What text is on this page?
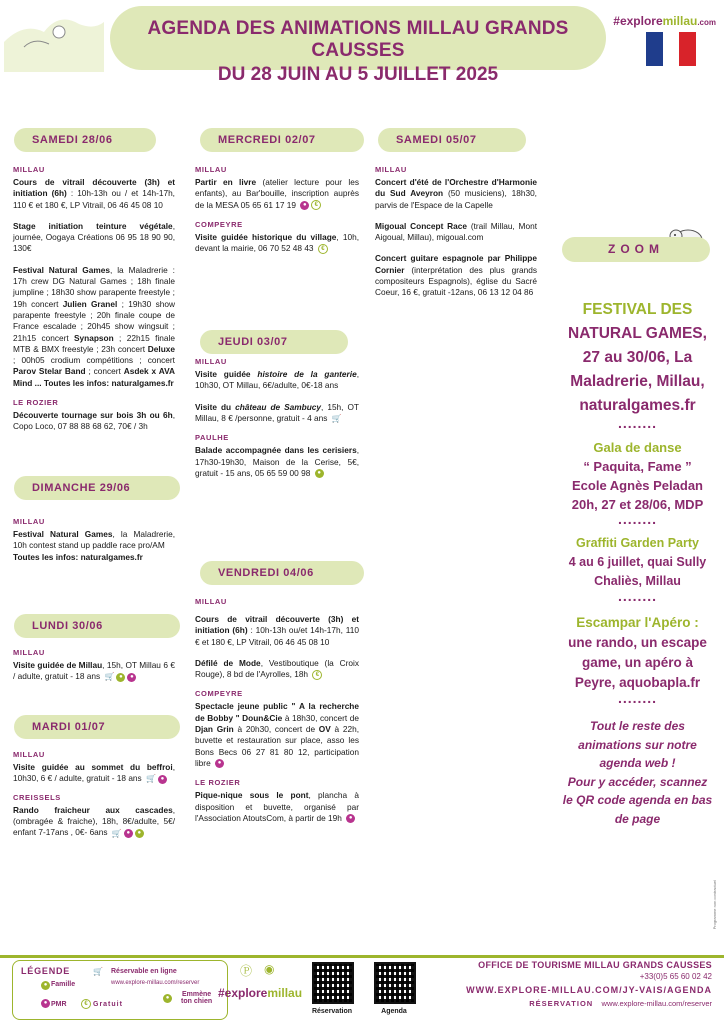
AGENDA DES ANIMATIONS MILLAU GRANDS CAUSSES
DU 28 JUIN AU 5 JUILLET 2025
#exploremillau.com
SAMEDI 28/06
MILLAU
Cours de vitrail découverte (3h) et initiation (6h) : 10h-13h ou / et 14h-17h, 110 € et 180 €, LP Vitrail, 06 46 45 08 10
Stage initiation teinture végétale, journée, Oogaya Créations 06 95 18 90 90, 130€
Festival Natural Games, la Maladrerie : 17h crew DG Natural Games ; 18h finale jumpline ; 18h30 show parapente freestyle ; 19h concert Julien Granel ; 19h30 show parapente freestyle ; 20h finale coupe de France escalade ; 20h45 show wingsuit ; 21h15 concert Synapson ; 22h15 finale MTB & BMX freestyle ; 23h concert Deluxe ; 00h05 crodium compétitions ; concert Parov Stelar Band ; concert Asdek x AVA Mind ... Toutes les infos: naturalgames.fr
LE ROZIER
Découverte tournage sur bois 3h ou 6h, Copo Loco, 07 88 88 68 62, 70€ / 3h
DIMANCHE 29/06
MILLAU
Festival Natural Games, la Maladrerie, 10h contest stand up paddle race pro/AM
Toutes les infos: naturalgames.fr
LUNDI 30/06
MILLAU
Visite guidée de Millau, 15h, OT Millau 6 € / adulte, gratuit - 18 ans 🛒 ● ●
MARDI 01/07
MILLAU
Visite guidée au sommet du beffroi, 10h30, 6 € / adulte, gratuit - 18 ans 🛒 ●
CREISSELS
Rando fraicheur aux cascades, (ombragée & fraiche), 18h, 8€/adulte, 5€/ enfant 7-17ans , 0€- 6ans 🛒 ● ●
MERCREDI 02/07
MILLAU
Partir en livre (atelier lecture pour les enfants), au Bar'bouille, inscription auprès de la MESA 05 65 61 17 19 ● €
COMPEYRE
Visite guidée historique du village, 10h, devant la mairie, 06 70 52 48 43 €
JEUDI 03/07
MILLAU
Visite guidée histoire de la ganterie, 10h30, OT Millau, 6€/adulte, 0€-18 ans
Visite du château de Sambucy, 15h, OT Millau, 8 € /personne, gratuit - 4 ans 🛒
PAULHE
Balade accompagnée dans les cerisiers, 17h30-19h30, Maison de la Cerise, 5€, gratuit - 15 ans, 05 65 59 00 98 ●
VENDREDI 04/06
MILLAU
Cours de vitrail découverte (3h) et initiation (6h) : 10h-13h ou/et 14h-17h, 110 € et 180 €, LP Vitrail, 06 46 45 08 10
Défilé de Mode, Vestiboutique (la Croix Rouge), 8 bd de l'Ayrolles, 18h €
COMPEYRE
Spectacle jeune public " A la recherche de Bobby " Doun&Cie à 18h30, concert de Djan Grin à 20h30, concert de OV à 22h, buvette et restauration sur place, asso les Bons Becs 06 27 81 80 12, participation libre ●
LE ROZIER
Pique-nique sous le pont, plancha à disposition et buvette, organisé par l'Association AtoutsCom, à partir de 19h ●
SAMEDI 05/07
MILLAU
Concert d'été de l'Orchestre d'Harmonie du Sud Aveyron (50 musiciens), 18h30, parvis de l'Espace de la Capelle
Migoual Concept Race (trail Millau, Mont Aigoual, Millau), migoual.com
Concert guitare espagnole par Philippe Cornier (interprétation des plus grands compositeurs Espagnols), église du Sacré Coeur, 16 €, gratuit -12ans, 06 13 12 04 86
ZOOM
FESTIVAL DES
NATURAL GAMES,
27 au 30/06, La
Maladrerie, Millau,
naturalgames.fr
........
Gala de danse
“ Paquita, Fame ”
Ecole Agnès Peladan
20h, 27 et 28/06, MDP
........
Graffiti Garden Party
4 au 6 juillet, quai Sully
Chaliès, Millau
........
Escampar l'Apéro :
une rando, un escape
game, un apéro à
Peyre, aquobapla.fr
........
Tout le reste des
animations sur notre
agenda web !
Pour y accéder, scannez
le QR code agenda en bas
de page
Programme non contractuel
LÉGENDE
● Famille
● PMR	€ Gratuit
🛒 Réservable en ligne
www.explore-millau.com/reserver
●	Emmène
ton chien
Ⓟ ◉
#exploremillau
Réservation	Agenda
OFFICE DE TOURISME MILLAU GRANDS CAUSSES
+33(0)5 65 60 02 42
WWW.EXPLORE-MILLAU.COM/JY-VAIS/AGENDA
RÉSERVATION www.explore-millau.com/reserver
